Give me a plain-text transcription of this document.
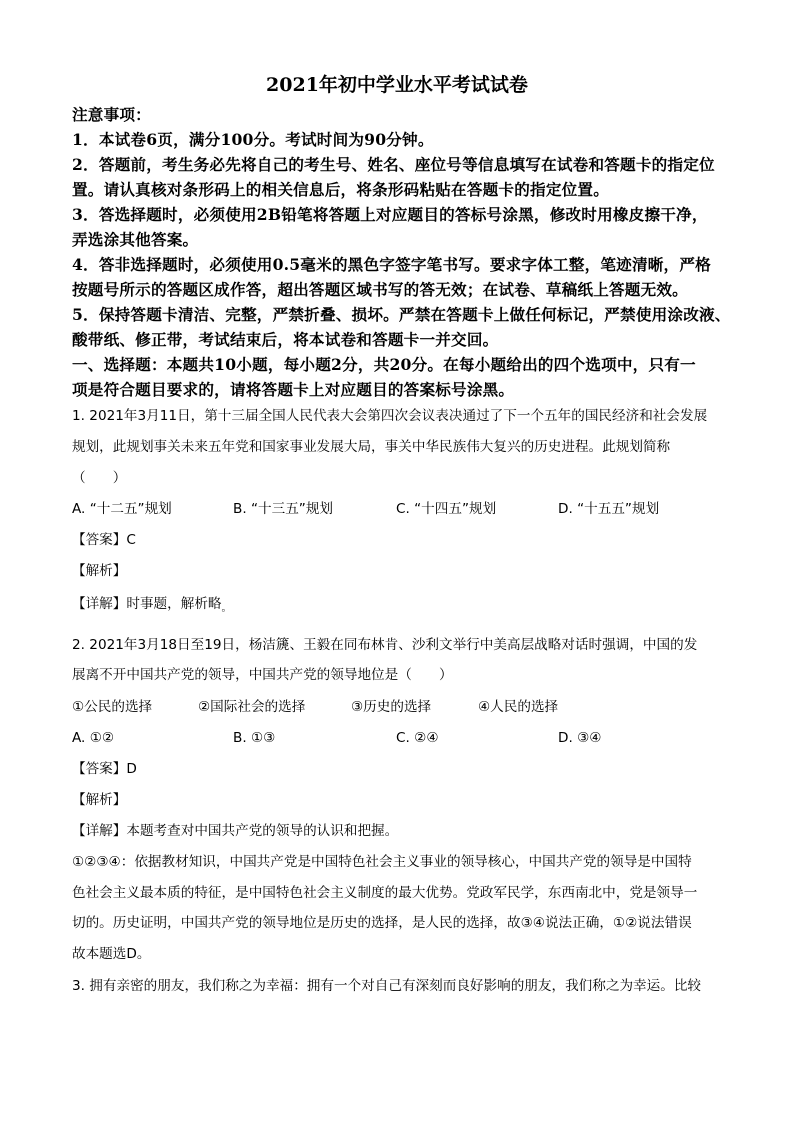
2021年初中学业水平考试试卷
注意事项：
1．本试卷6页，满分100分。考试时间为90分钟。
2．答题前，考生务必先将自己的考生号、姓名、座位号等信息填写在试卷和答题卡的指定位
置。请认真核对条形码上的相关信息后，将条形码粘贴在答题卡的指定位置。
3．答选择题时，必须使用2B铅笔将答题上对应题目的答标号涂黑，修改时用橡皮擦干净，
弄选涂其他答案。
4．答非选择题时，必须使用0.5毫米的黑色字签字笔书写。要求字体工整，笔迹清晰，严格
按题号所示的答题区成作答，超出答题区域书写的答无效；在试卷、草稿纸上答题无效。
5．保持答题卡清洁、完整，严禁折叠、损坏。严禁在答题卡上做任何标记，严禁使用涂改液、
酸带纸、修正带，考试结束后，将本试卷和答题卡一并交回。
一、选择题：本题共10小题，每小题2分，共20分。在每小题给出的四个选项中，只有一
项是符合题目要求的，请将答题卡上对应题目的答案标号涂黑。
1. 2021年3月11日，第十三届全国人民代表大会第四次会议表决通过了下一个五年的国民经济和社会发展
规划，此规划事关未来五年党和国家事业发展大局，事关中华民族伟大复兴的历史进程。此规划简称
（　　）
A. “十二五”规划	B. “十三五”规划	C. “十四五”规划	D. “十五五”规划
【答案】C
【解析】
【详解】时事题，解析略$_。$
2. 2021年3月18日至19日，杨洁篪、王毅在同布林肯、沙利文举行中美高层战略对话时强调，中国的发
展离不开中国共产党的领导，中国共产党的领导地位是（　　）
①公民的选择	②国际社会的选择	③历史的选择	④人民的选择
A. ①②	B. ①③	C. ②④	D. ③④
【答案】D
【解析】
【详解】本题考查对中国共产党的领导的认识和把握。
①②③④：依据教材知识，中国共产党是中国特色社会主义事业的领导核心，中国共产党的领导是中国特
色社会主义最本质的特征，是中国特色社会主义制度的最大优势。党政军民学，东西南北中，党是领导一
切的。历史证明，中国共产党的领导地位是历史的选择，是人民的选择，故③④说法正确，①②说法错误
故本题选D。
3. 拥有亲密的朋友，我们称之为幸福：拥有一个对自己有深刻而良好影响的朋友，我们称之为幸运。比较
